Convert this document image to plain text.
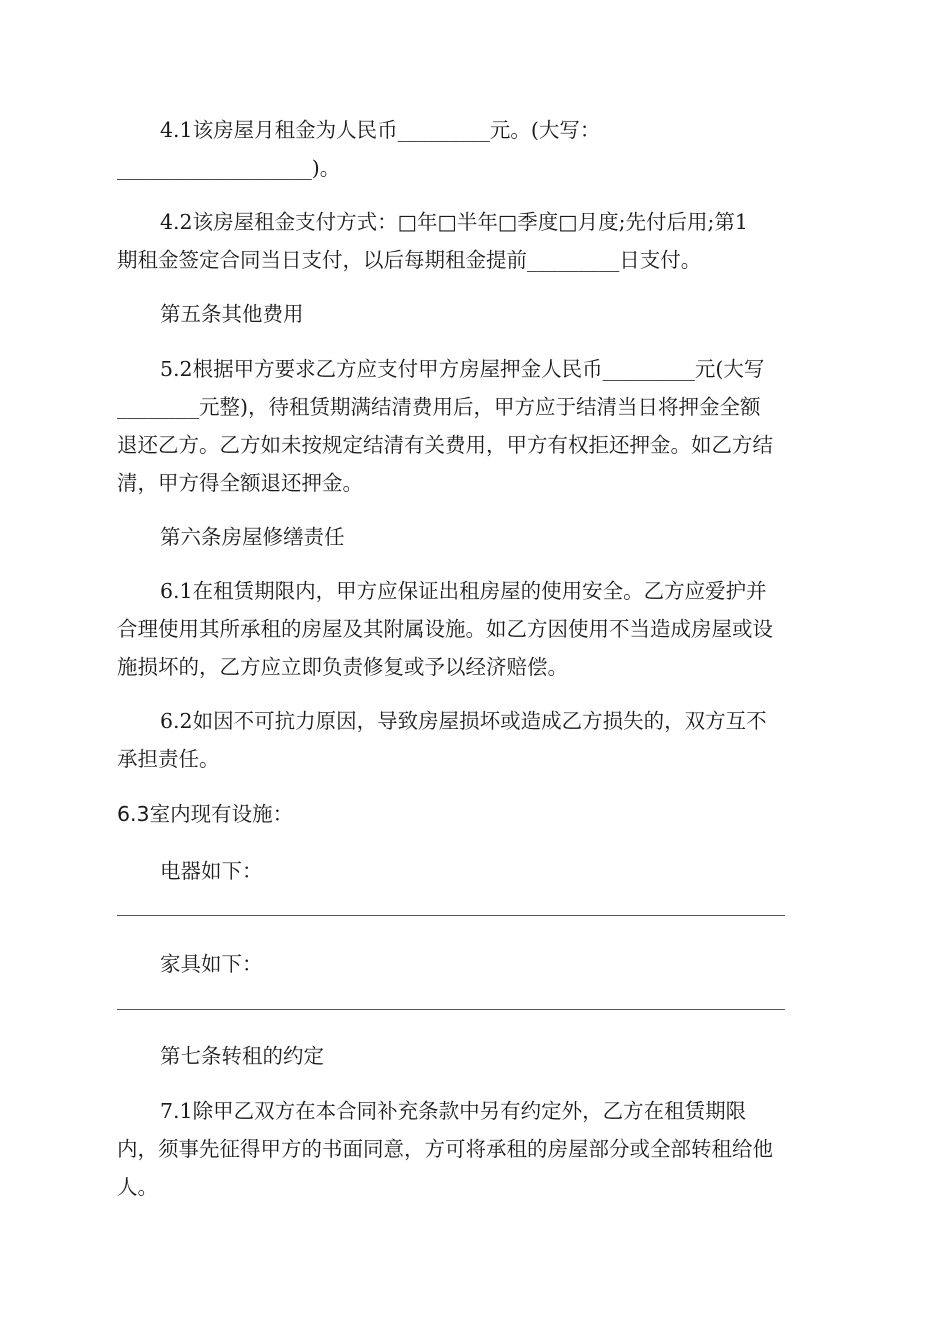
4.1该房屋月租金为人民币_________元。(大写：
___________________)。
4.2该房屋租金支付方式：□年□半年□季度□月度;先付后用;第1
期租金签定合同当日支付，以后每期租金提前_________日支付。
第五条其他费用
5.2根据甲方要求乙方应支付甲方房屋押金人民币_________元(大写
________元整)，待租赁期满结清费用后，甲方应于结清当日将押金全额
退还乙方。乙方如未按规定结清有关费用，甲方有权拒还押金。如乙方结
清，甲方得全额退还押金。
第六条房屋修缮责任
6.1在租赁期限内，甲方应保证出租房屋的使用安全。乙方应爱护并
合理使用其所承租的房屋及其附属设施。如乙方因使用不当造成房屋或设
施损坏的，乙方应立即负责修复或予以经济赔偿。
6.2如因不可抗力原因，导致房屋损坏或造成乙方损失的，双方互不
承担责任。
6.3室内现有设施：
电器如下：
家具如下：
第七条转租的约定
7.1除甲乙双方在本合同补充条款中另有约定外，乙方在租赁期限
内，须事先征得甲方的书面同意，方可将承租的房屋部分或全部转租给他
人。
